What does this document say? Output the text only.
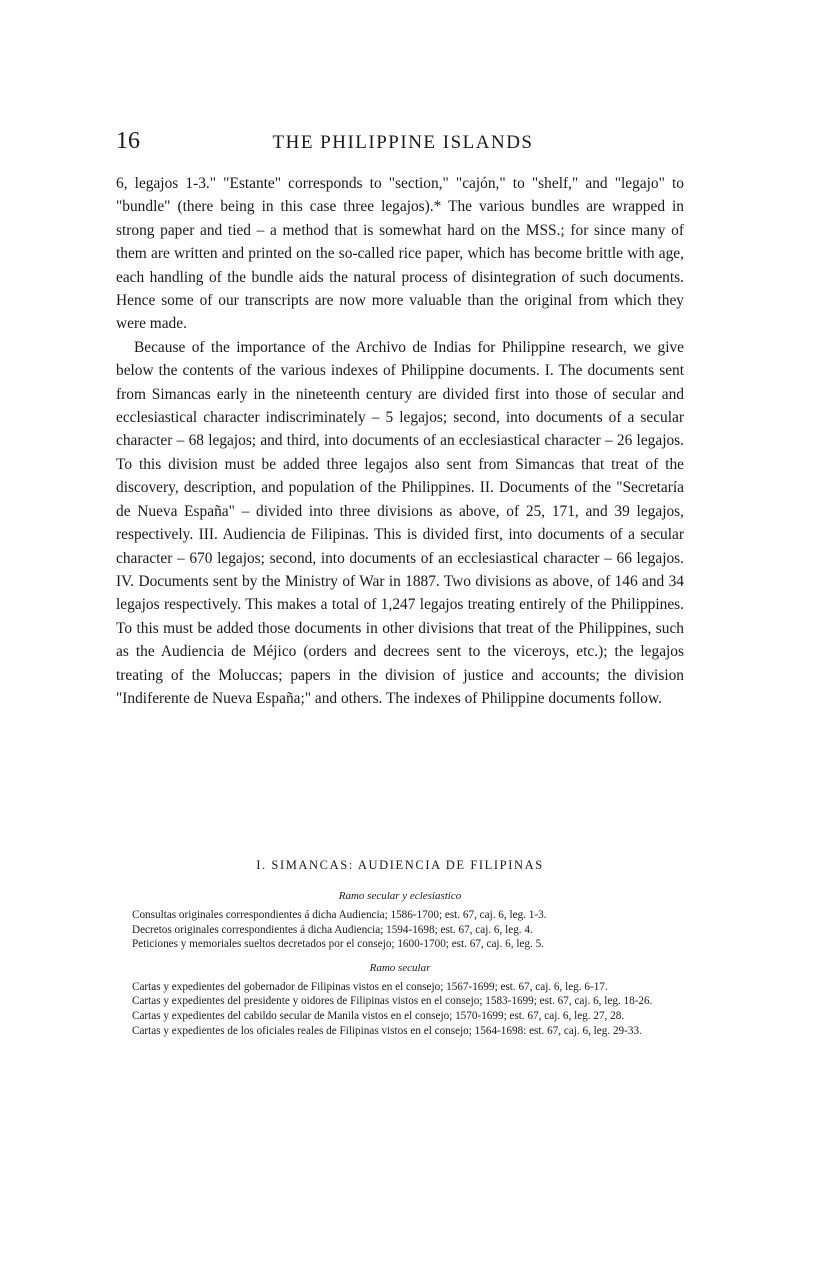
16	THE PHILIPPINE ISLANDS

6, legajos 1-3." "Estante" corresponds to "section," "cajón," to "shelf," and "legajo" to "bundle" (there being in this case three legajos).* The various bundles are wrapped in strong paper and tied – a method that is somewhat hard on the MSS.; for since many of them are written and printed on the so-called rice paper, which has become brittle with age, each handling of the bundle aids the natural process of disintegration of such documents. Hence some of our transcripts are now more valuable than the original from which they were made.

Because of the importance of the Archivo de Indias for Philippine research, we give below the contents of the various indexes of Philippine documents. I. The documents sent from Simancas early in the nineteenth century are divided first into those of secular and ecclesiastical character indiscriminately – 5 legajos; second, into documents of a secular character – 68 legajos; and third, into documents of an ecclesiastical character – 26 legajos. To this division must be added three legajos also sent from Simancas that treat of the discovery, description, and population of the Philippines. II. Documents of the "Secretaría de Nueva España" – divided into three divisions as above, of 25, 171, and 39 legajos, respectively. III. Audiencia de Filipinas. This is divided first, into documents of a secular character – 670 legajos; second, into documents of an ecclesiastical character – 66 legajos. IV. Documents sent by the Ministry of War in 1887. Two divisions as above, of 146 and 34 legajos respectively. This makes a total of 1,247 legajos treating entirely of the Philippines. To this must be added those documents in other divisions that treat of the Philippines, such as the Audiencia de Méjico (orders and decrees sent to the viceroys, etc.); the legajos treating of the Moluccas; papers in the division of justice and accounts; the division "Indiferente de Nueva España;" and others. The indexes of Philippine documents follow.

I. SIMANCAS: AUDIENCIA DE FILIPINAS
Ramo secular y eclesiastico

Consultas originales correspondientes á dicha Audiencia; 1586-1700; est. 67, caj. 6, leg. 1-3.

Decretos originales correspondientes á dicha Audiencia; 1594-1698; est. 67, caj. 6, leg. 4.

Peticiones y memoriales sueltos decretados por el consejo; 1600-1700; est. 67, caj. 6, leg. 5.

Ramo secular

Cartas y expedientes del gobernador de Filipinas vistos en el consejo; 1567-1699; est. 67, caj. 6, leg. 6-17.

Cartas y expedientes del presidente y oidores de Filipinas vistos en el consejo; 1583-1699; est. 67, caj. 6, leg. 18-26.

Cartas y expedientes del cabildo secular de Manila vistos en el consejo; 1570-1699; est. 67, caj. 6, leg. 27, 28.

Cartas y expedientes de los oficiales reales de Filipinas vistos en el consejo; 1564-1698: est. 67, caj. 6, leg. 29-33.
